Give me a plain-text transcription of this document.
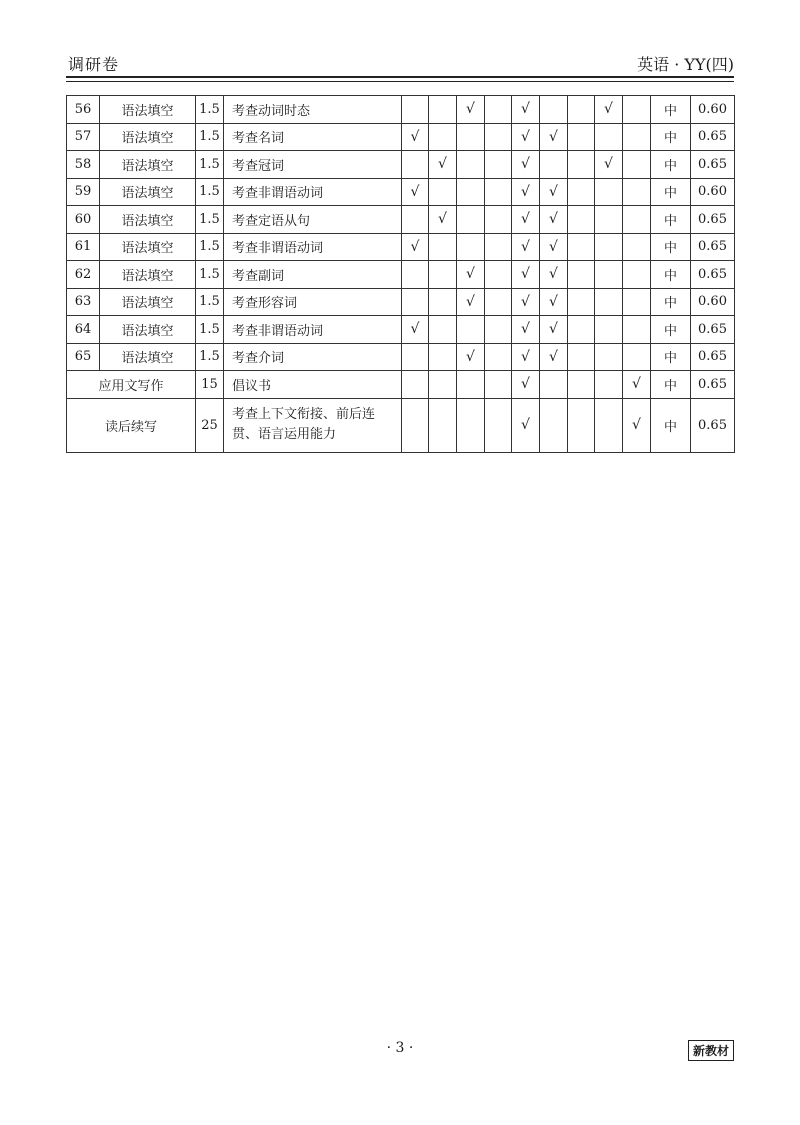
调研卷	英语 · YY(四)
56	语法填空	1.5	考查动词时态			√		√			√		中	0.60
57	语法填空	1.5	考查名词	√				√	√				中	0.65
58	语法填空	1.5	考查冠词		√			√			√		中	0.65
59	语法填空	1.5	考查非谓语动词	√				√	√				中	0.60
60	语法填空	1.5	考查定语从句		√			√	√				中	0.65
61	语法填空	1.5	考查非谓语动词	√				√	√				中	0.65
62	语法填空	1.5	考查副词			√		√	√				中	0.65
63	语法填空	1.5	考查形容词			√		√	√				中	0.60
64	语法填空	1.5	考查非谓语动词	√				√	√				中	0.65
65	语法填空	1.5	考查介词			√		√	√				中	0.65
应用文写作		15	倡议书					√				√	中	0.65
读后续写		25	考查上下文衔接、前后连贯、语言运用能力					√				√	中	0.65
· 3 ·	新教材
